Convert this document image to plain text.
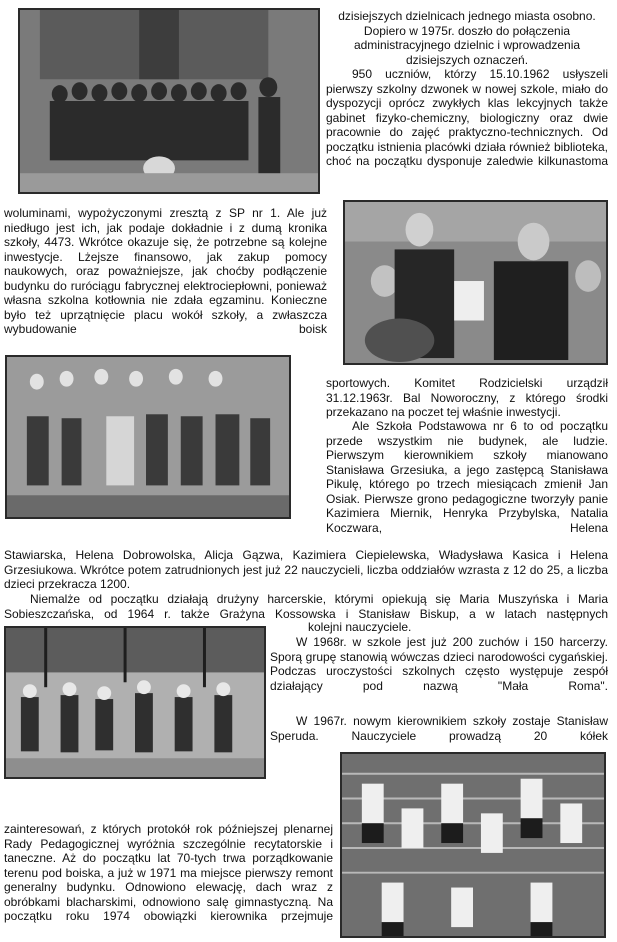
dzisiejszych dzielnicach jednego miasta osobno. Dopiero w 1975r. doszło do połączenia administracyjnego dzielnic i wprowadzenia dzisiejszych oznaczeń.

950 uczniów, którzy 15.10.1962 usłyszeli pierwszy szkolny dzwonek w nowej szkole, miało do dyspozycji oprócz zwykłych klas lekcyjnych także gabinet fizyko-chemiczny, biologiczny oraz dwie pracownie do zajęć praktyczno-technicznych. Od początku istnienia placówki działa również biblioteka, choć na początku dysponuje zaledwie kilkunastoma

woluminami, wypożyczonymi zresztą z SP nr 1. Ale już niedługo jest ich, jak podaje dokładnie i z dumą kronika szkoły, 4473. Wkrótce okazuje się, że potrzebne są kolejne inwestycje. Lżejsze finansowo, jak zakup pomocy naukowych, oraz poważniejsze, jak choćby podłączenie budynku do ruróciągu fabrycznej elektrociepłowni, ponieważ własna szkolna kotłownia nie zdała egzaminu. Konieczne było też uprzątnięcie placu wokół szkoły, a zwłaszcza wybudowanie boisk

sportowych. Komitet Rodzicielski urządził 31.12.1963r. Bal Noworoczny, z którego środki przekazano na poczet tej właśnie inwestycji.

Ale Szkoła Podstawowa nr 6 to od początku przede wszystkim nie budynek, ale ludzie. Pierwszym kierownikiem szkoły mianowano Stanisława Grzesiuka, a jego zastępcą Stanisława Pikulę, którego po trzech miesiącach zmienił Jan Osiak. Pierwsze grono pedagogiczne tworzyły panie Kazimiera Miernik, Henryka Przybylska, Natalia Koczwara, Helena

Stawiarska, Helena Dobrowolska, Alicja Gązwa, Kazimiera Ciepielewska, Władysława Kasica i Helena Grzesiukowa. Wkrótce potem zatrudnionych jest już 22 nauczycieli, liczba oddziałów wzrasta z 12 do 25, a liczba dzieci przekracza 1200.

Niemalże od początku działają drużyny harcerskie, którymi opiekują się Maria Muszyńska i Maria Sobieszczańska, od 1964 r. także Grażyna Kossowska i Stanisław Biskup, a w latach następnych

kolejni nauczyciele.

W 1968r. w szkole jest już 200 zuchów i 150 harcerzy. Sporą grupę stanowią wówczas dzieci narodowości cygańskiej. Podczas uroczystości szkolnych często występuje zespół działający pod nazwą "Mała Roma".

W 1967r. nowym kierownikiem szkoły zostaje Stanisław Speruda. Nauczyciele prowadzą 20 kółek

zainteresowań, z których protokół rok późniejszej plenarnej Rady Pedagogicznej wyróżnia szczególnie recytatorskie i taneczne. Aż do początku lat 70-tych trwa porządkowanie terenu pod boiska, a już w 1971 ma miejsce pierwszy remont generalny budynku. Odnowiono elewację, dach wraz z obróbkami blacharskimi, odnowiono salę gimnastyczną. Na początku roku 1974 obowiązki kierownika przejmuje
